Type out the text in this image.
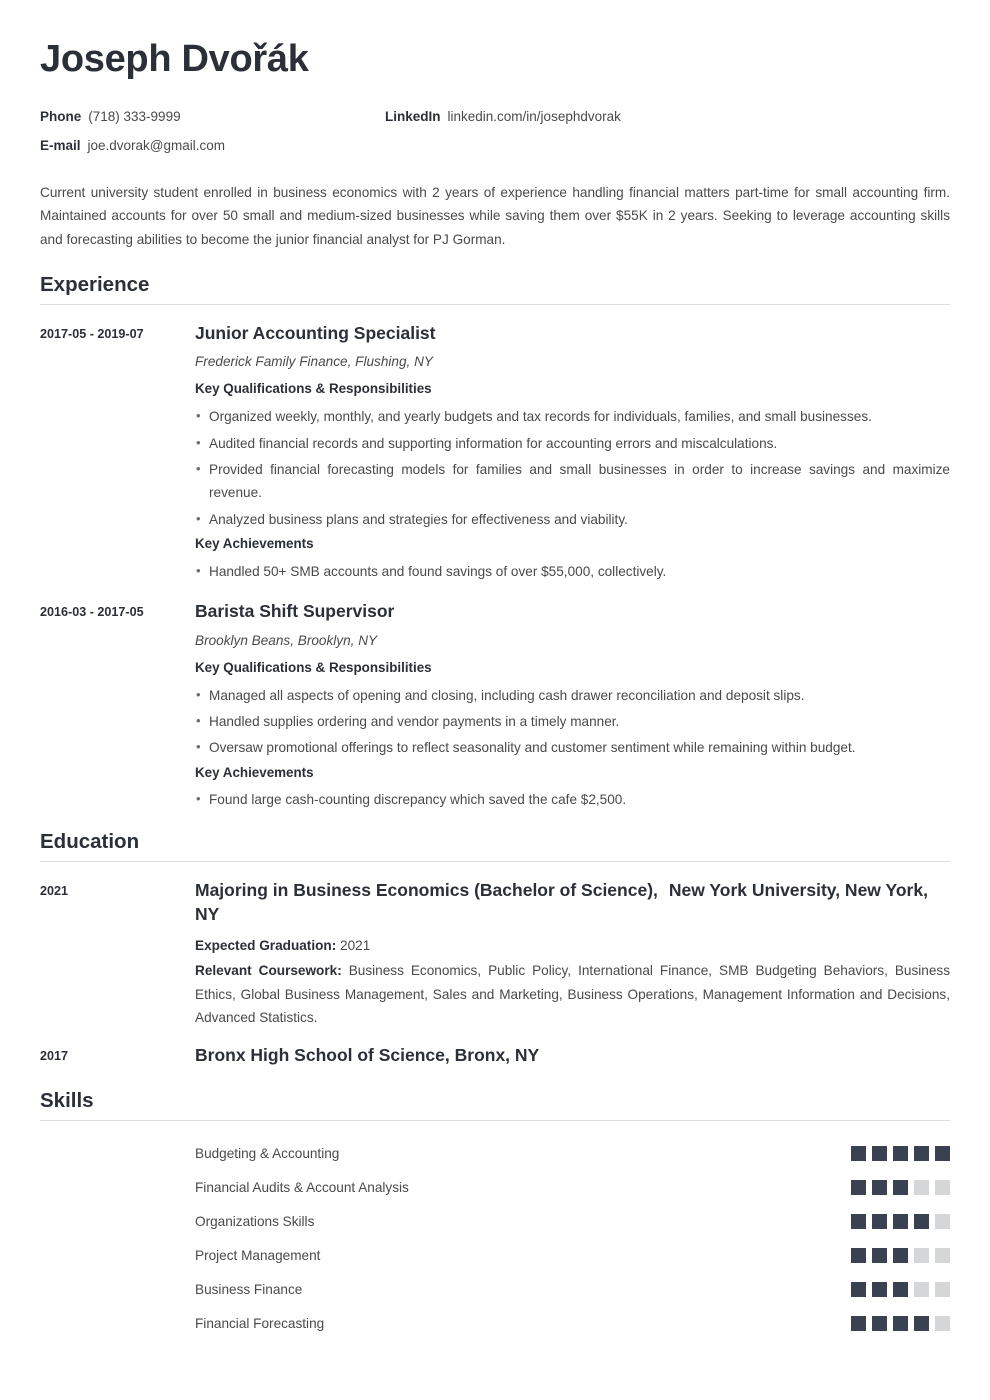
Joseph Dvořák
Phone (718) 333-9999	LinkedIn linkedin.com/in/josephdvorak
E-mail joe.dvorak@gmail.com

Current university student enrolled in business economics with 2 years of experience handling financial matters part-time for small accounting firm. Maintained accounts for over 50 small and medium-sized businesses while saving them over $55K in 2 years. Seeking to leverage accounting skills and forecasting abilities to become the junior financial analyst for PJ Gorman.

Experience
2017-05 - 2019-07	Junior Accounting Specialist
Frederick Family Finance, Flushing, NY
Key Qualifications & Responsibilities
• Organized weekly, monthly, and yearly budgets and tax records for individuals, families, and small businesses.
• Audited financial records and supporting information for accounting errors and miscalculations.
• Provided financial forecasting models for families and small businesses in order to increase savings and maximize revenue.
• Analyzed business plans and strategies for effectiveness and viability.
Key Achievements
• Handled 50+ SMB accounts and found savings of over $55,000, collectively.
2016-03 - 2017-05	Barista Shift Supervisor
Brooklyn Beans, Brooklyn, NY
Key Qualifications & Responsibilities
• Managed all aspects of opening and closing, including cash drawer reconciliation and deposit slips.
• Handled supplies ordering and vendor payments in a timely manner.
• Oversaw promotional offerings to reflect seasonality and customer sentiment while remaining within budget.
Key Achievements
• Found large cash-counting discrepancy which saved the cafe $2,500.
Education
2021	Majoring in Business Economics (Bachelor of Science), New York University, New York, NY
Expected Graduation: 2021
Relevant Coursework: Business Economics, Public Policy, International Finance, SMB Budgeting Behaviors, Business Ethics, Global Business Management, Sales and Marketing, Business Operations, Management Information and Decisions, Advanced Statistics.
2017	Bronx High School of Science, Bronx, NY
Skills
Budgeting & Accounting
Financial Audits & Account Analysis
Organizations Skills
Project Management
Business Finance
Financial Forecasting
